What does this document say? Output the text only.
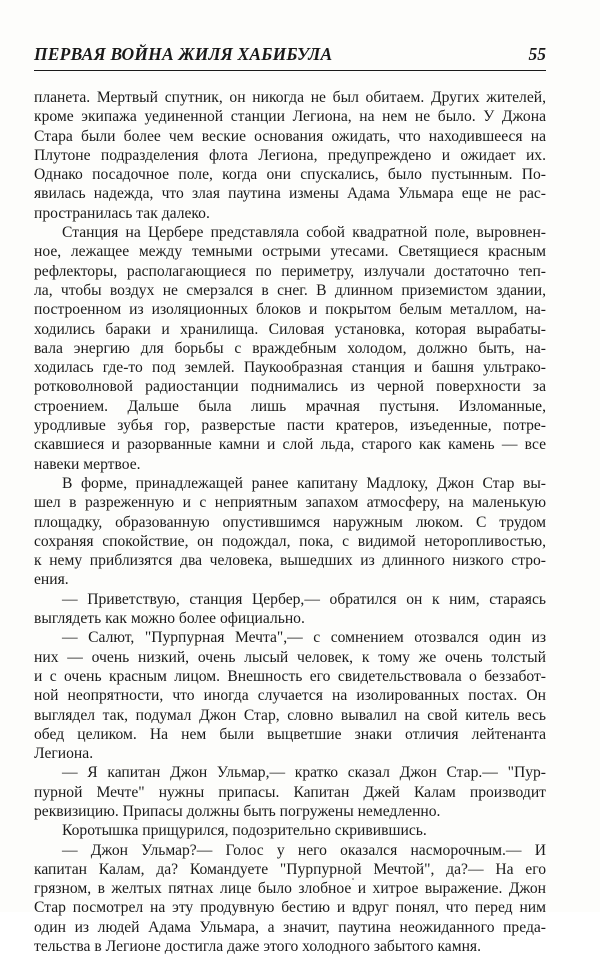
ПЕРВАЯ ВОЙНА ЖИЛЯ ХАБИБУЛА	55

планета. Мертвый спутник, он никогда не был обитаем. Других жителей,
кроме экипажа уединенной станции Легиона, на нем не было. У Джона
Стара были более чем веские основания ожидать, что находившееся на
Плутоне подразделения флота Легиона, предупреждено и ожидает их.
Однако посадочное поле, когда они спускались, было пустынным. По-
явилась надежда, что злая паутина измены Адама Ульмара еще не рас-
пространилась так далеко.

Станция на Цербере представляла собой квадратной поле, выровнен-
ное, лежащее между темными острыми утесами. Светящиеся красным
рефлекторы, располагающиеся по периметру, излучали достаточно теп-
ла, чтобы воздух не смерзался в снег. В длинном приземистом здании,
построенном из изоляционных блоков и покрытом белым металлом, на-
ходились бараки и хранилища. Силовая установка, которая вырабаты-
вала энергию для борьбы с враждебным холодом, должно быть, на-
ходилась где-то под землей. Паукообразная станция и башня ультрако-
ротковолновой радиостанции поднимались из черной поверхности за
строением. Дальше была лишь мрачная пустыня. Изломанные,
уродливые зубья гор, разверстые пасти кратеров, изъеденные, потре-
скавшиеся и разорванные камни и слой льда, старого как камень — все
навеки мертвое.

В форме, принадлежащей ранее капитану Мадлоку, Джон Стар вы-
шел в разреженную и с неприятным запахом атмосферу, на маленькую
площадку, образованную опустившимся наружным люком. С трудом
сохраняя спокойствие, он подождал, пока, с видимой неторопливостью,
к нему приблизятся два человека, вышедших из длинного низкого стро-
ения.

— Приветствую, станция Цербер,— обратился он к ним, стараясь
выглядеть как можно более официально.

— Салют, "Пурпурная Мечта",— с сомнением отозвался один из
них — очень низкий, очень лысый человек, к тому же очень толстый
и с очень красным лицом. Внешность его свидетельствовала о беззабот-
ной неопрятности, что иногда случается на изолированных постах. Он
выглядел так, подумал Джон Стар, словно вывалил на свой китель весь
обед целиком. На нем были выцветшие знаки отличия лейтенанта
Легиона.

— Я капитан Джон Ульмар,— кратко сказал Джон Стар.— "Пур-
пурной Мечте" нужны припасы. Капитан Джей Калам производит
реквизицию. Припасы должны быть погружены немедленно.

Коротышка прищурился, подозрительно скривившись.

— Джон Ульмар?— Голос у него оказался насморочным.— И
капитан Калам, да? Командуете "Пурпурной Мечтой", да?— На его
грязном, в желтых пятнах лице было злобное и хитрое выражение. Джон
Стар посмотрел на эту продувную бестию и вдруг понял, что перед ним
один из людей Адама Ульмара, а значит, паутина неожиданного преда-
тельства в Легионе достигла даже этого холодного забытого камня.
